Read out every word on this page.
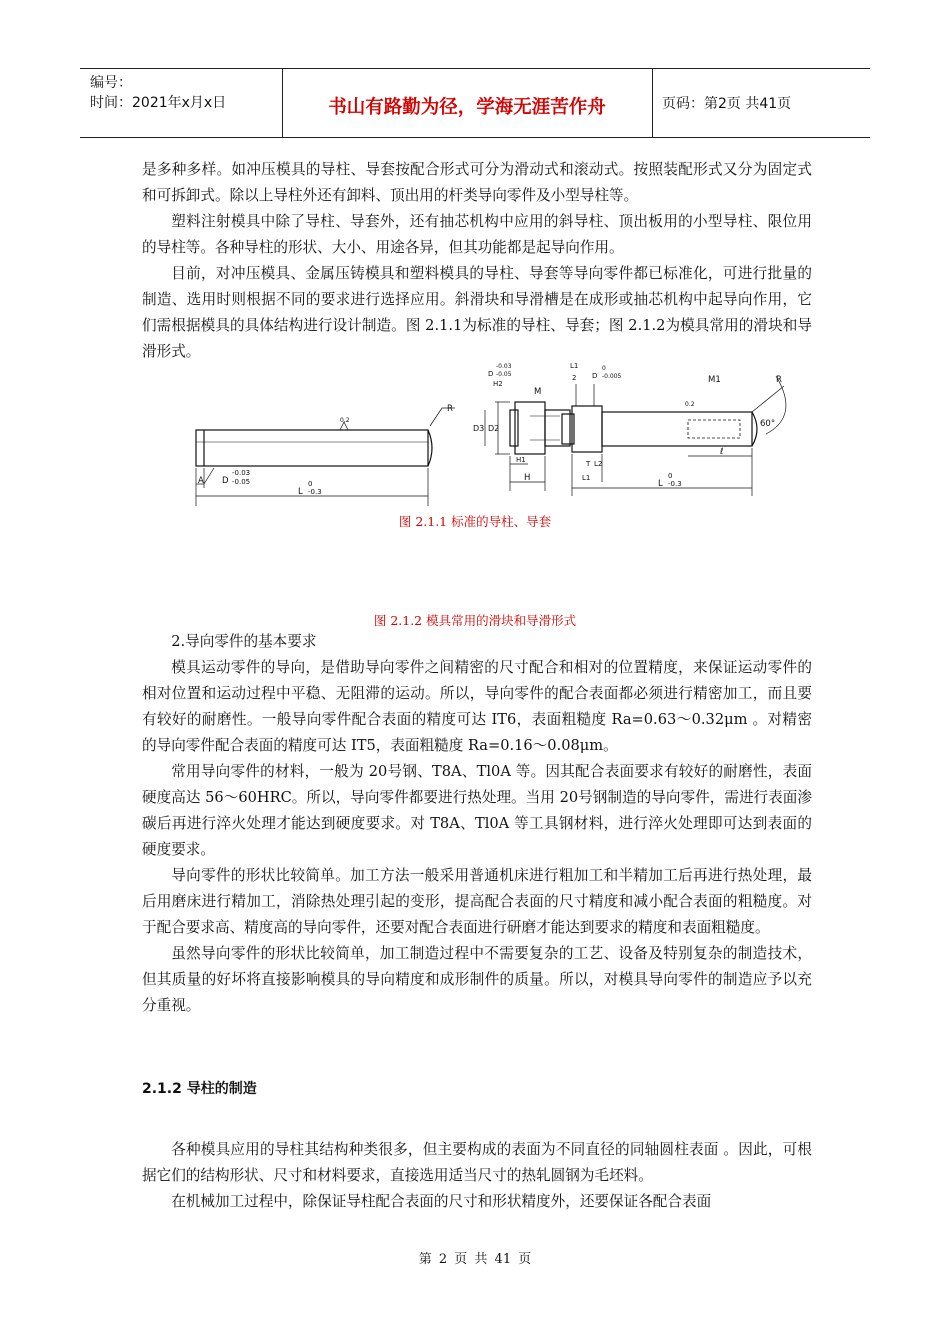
编号：
时间：2021年x月x日	书山有路勤为径，学海无涯苦作舟	页码：第2页 共41页

是多种多样。如冲压模具的导柱、导套按配合形式可分为滑动式和滚动式。按照装配形式又分为固定式和可拆卸式。除以上导柱外还有卸料、顶出用的杆类导向零件及小型导柱等。

塑料注射模具中除了导柱、导套外，还有抽芯机构中应用的斜导柱、顶出板用的小型导柱、限位用的导柱等。各种导柱的形状、大小、用途各异，但其功能都是起导向作用。

目前，对冲压模具、金属压铸模具和塑料模具的导柱、导套等导向零件都已标准化，可进行批量的制造、选用时则根据不同的要求进行选择应用。斜滑块和导滑槽是在成形或抽芯机构中起导向作用，它们需根据模具的具体结构进行设计制造。图 2.1.1为标准的导柱、导套；图 2.1.2为模具常用的滑块和导滑形式。

A D
-0.03
-0.05
L
0
-0.3
R
0.2
D
-0.03
-0.05
H2
M
D3 D2
H1
H
L1
2 D
0
-0.005
T L2
L1
0.2
M1	R
60°
ℓ
L
0
-0.3
图 2.1.1 标准的导柱、导套
图 2.1.2 模具常用的滑块和导滑形式

2.导向零件的基本要求

模具运动零件的导向，是借助导向零件之间精密的尺寸配合和相对的位置精度，来保证运动零件的相对位置和运动过程中平稳、无阻滞的运动。所以，导向零件的配合表面都必须进行精密加工，而且要有较好的耐磨性。一般导向零件配合表面的精度可达 IT6，表面粗糙度 Ra=0.63～0.32μm 。对精密的导向零件配合表面的精度可达 IT5，表面粗糙度 Ra=0.16～0.08μm。

常用导向零件的材料，一般为 20号钢、T8A、Tl0A 等。因其配合表面要求有较好的耐磨性，表面硬度高达 56～60HRC。所以，导向零件都要进行热处理。当用 20号钢制造的导向零件，需进行表面渗碳后再进行淬火处理才能达到硬度要求。对 T8A、Tl0A 等工具钢材料，进行淬火处理即可达到表面的硬度要求。

导向零件的形状比较简单。加工方法一般采用普通机床进行粗加工和半精加工后再进行热处理，最后用磨床进行精加工，消除热处理引起的变形，提高配合表面的尺寸精度和减小配合表面的粗糙度。对于配合要求高、精度高的导向零件，还要对配合表面进行研磨才能达到要求的精度和表面粗糙度。

虽然导向零件的形状比较简单，加工制造过程中不需要复杂的工艺、设备及特别复杂的制造技术，但其质量的好坏将直接影响模具的导向精度和成形制件的质量。所以，对模具导向零件的制造应予以充分重视。

2.1.2 导柱的制造

各种模具应用的导柱其结构种类很多，但主要构成的表面为不同直径的同轴圆柱表面 。因此，可根据它们的结构形状、尺寸和材料要求，直接选用适当尺寸的热轧圆钢为毛坯料。

在机械加工过程中，除保证导柱配合表面的尺寸和形状精度外，还要保证各配合表面

第 2 页 共 41 页
